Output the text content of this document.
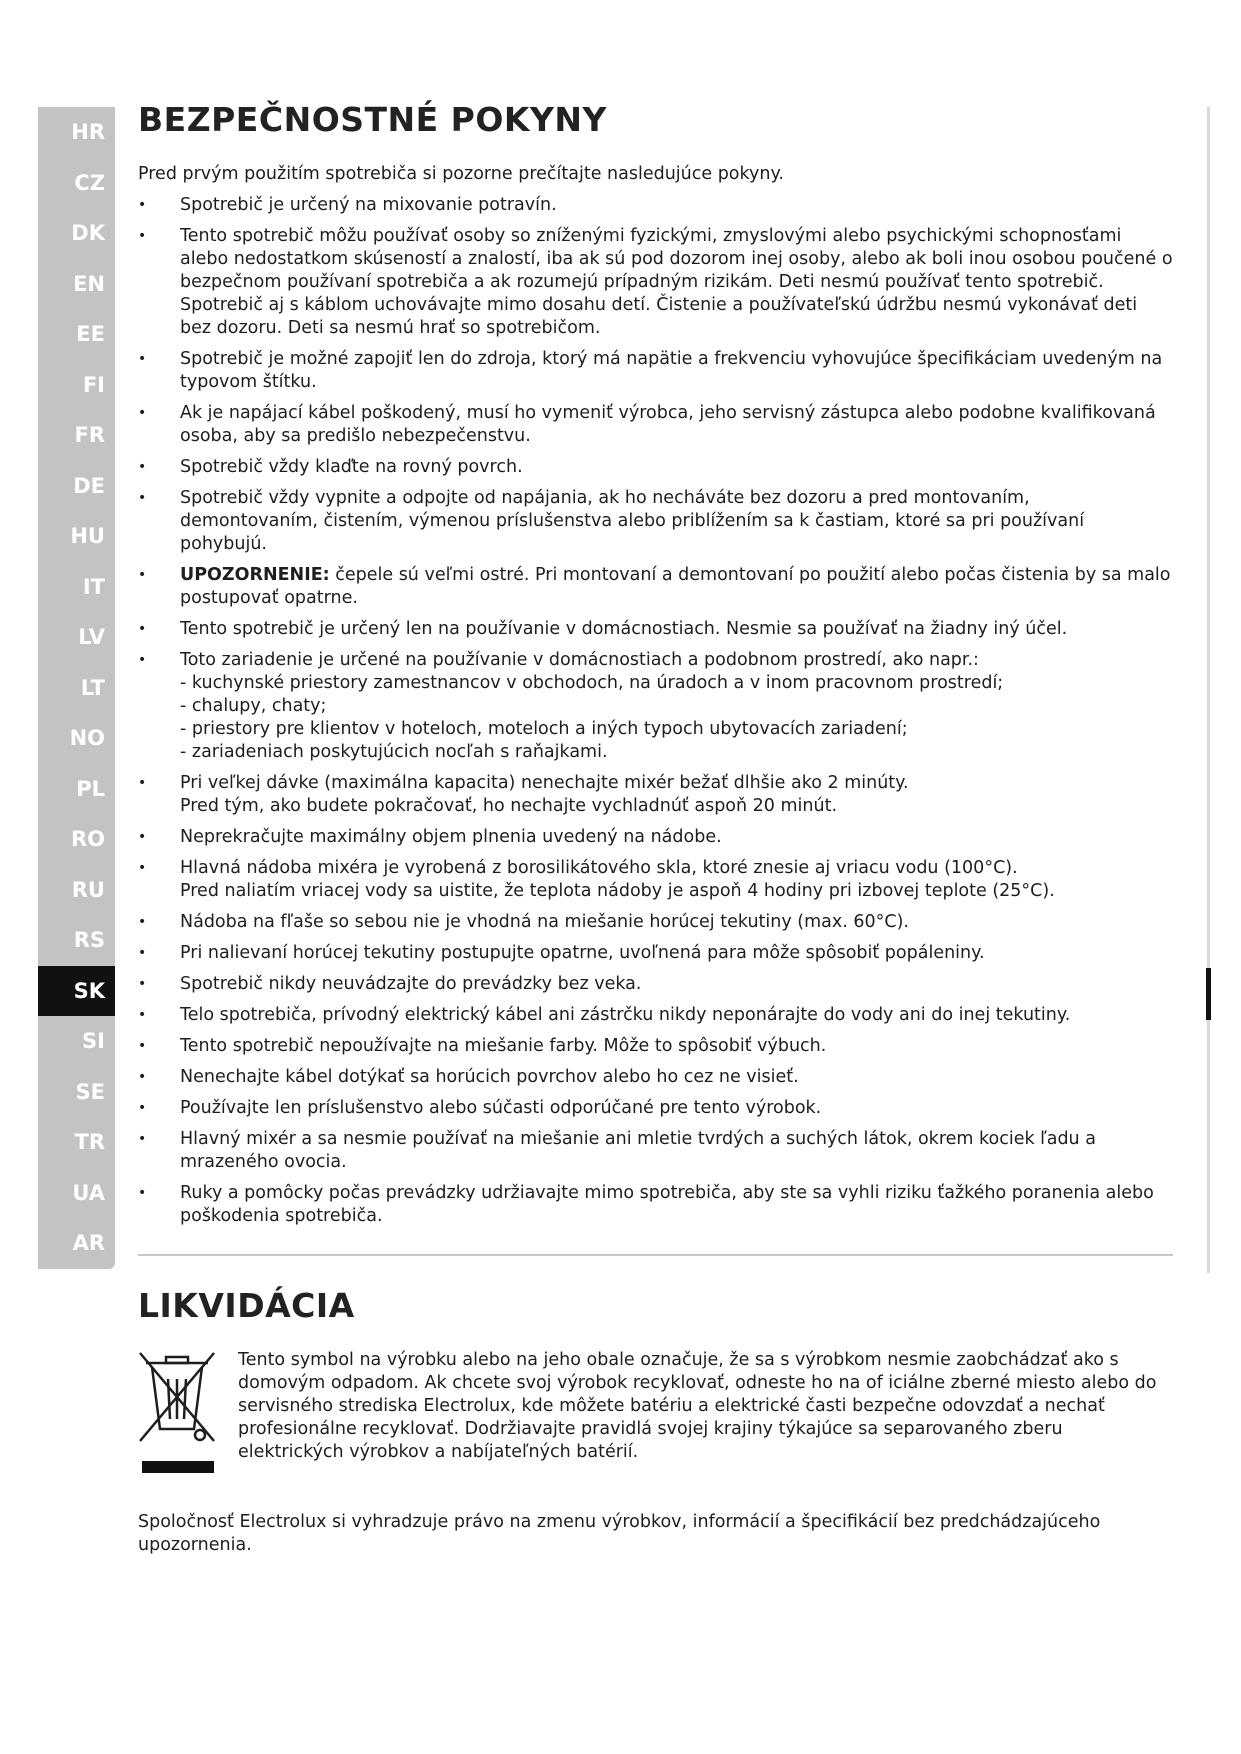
HR
CZ
DK
EN
EE
FI
FR
DE
HU
IT
LV
LT
NO
PL
RO
RU
RS
SK
SI
SE
TR
UA
AR
BEZPEČNOSTNÉ POKYNY
Pred prvým použitím spotrebiča si pozorne prečítajte nasledujúce pokyny.
• Spotrebič je určený na mixovanie potravín.
• Tento spotrebič môžu používať osoby so zníženými fyzickými, zmyslovými alebo psychickými schopnosťami alebo nedostatkom skúseností a znalostí, iba ak sú pod dozorom inej osoby, alebo ak boli inou osobou poučené o bezpečnom používaní spotrebiča a ak rozumejú prípadným rizikám. Deti nesmú používať tento spotrebič. Spotrebič aj s káblom uchovávajte mimo dosahu detí. Čistenie a používateľskú údržbu nesmú vykonávať deti bez dozoru. Deti sa nesmú hrať so spotrebičom.
• Spotrebič je možné zapojiť len do zdroja, ktorý má napätie a frekvenciu vyhovujúce špecifikáciam uvedeným na typovom štítku.
• Ak je napájací kábel poškodený, musí ho vymeniť výrobca, jeho servisný zástupca alebo podobne kvalifikovaná osoba, aby sa predišlo nebezpečenstvu.
• Spotrebič vždy klaďte na rovný povrch.
• Spotrebič vždy vypnite a odpojte od napájania, ak ho necháváte bez dozoru a pred montovaním, demontovaním, čistením, výmenou príslušenstva alebo priblížením sa k častiam, ktoré sa pri používaní pohybujú.
• UPOZORNENIE: čepele sú veľmi ostré. Pri montovaní a demontovaní po použití alebo počas čistenia by sa malo postupovať opatrne.
• Tento spotrebič je určený len na používanie v domácnostiach. Nesmie sa používať na žiadny iný účel.
• Toto zariadenie je určené na používanie v domácnostiach a podobnom prostredí, ako napr.:
- kuchynské priestory zamestnancov v obchodoch, na úradoch a v inom pracovnom prostredí;
- chalupy, chaty;
- priestory pre klientov v hoteloch, moteloch a iných typoch ubytovacích zariadení;
- zariadeniach poskytujúcich nocľah s raňajkami.
• Pri veľkej dávke (maximálna kapacita) nenechajte mixér bežať dlhšie ako 2 minúty.
Pred tým, ako budete pokračovať, ho nechajte vychladnúť aspoň 20 minút.
• Neprekračujte maximálny objem plnenia uvedený na nádobe.
• Hlavná nádoba mixéra je vyrobená z borosilikátového skla, ktoré znesie aj vriacu vodu (100°C).
Pred naliatím vriacej vody sa uistite, že teplota nádoby je aspoň 4 hodiny pri izbovej teplote (25°C).
• Nádoba na fľaše so sebou nie je vhodná na miešanie horúcej tekutiny (max. 60°C).
• Pri nalievaní horúcej tekutiny postupujte opatrne, uvoľnená para môže spôsobiť popáleniny.
• Spotrebič nikdy neuvádzajte do prevádzky bez veka.
• Telo spotrebiča, prívodný elektrický kábel ani zástrčku nikdy neponárajte do vody ani do inej tekutiny.
• Tento spotrebič nepoužívajte na miešanie farby. Môže to spôsobiť výbuch.
• Nenechajte kábel dotýkať sa horúcich povrchov alebo ho cez ne visieť.
• Používajte len príslušenstvo alebo súčasti odporúčané pre tento výrobok.
• Hlavný mixér a sa nesmie používať na miešanie ani mletie tvrdých a suchých látok, okrem kociek ľadu a mrazeného ovocia.
• Ruky a pomôcky počas prevádzky udržiavajte mimo spotrebiča, aby ste sa vyhli riziku ťažkého poranenia alebo poškodenia spotrebiča.
LIKVIDÁCIA
Tento symbol na výrobku alebo na jeho obale označuje, že sa s výrobkom nesmie zaobchádzať ako s domovým odpadom. Ak chcete svoj výrobok recyklovať, odneste ho na of iciálne zberné miesto alebo do servisného strediska Electrolux, kde môžete batériu a elektrické časti bezpečne odovzdať a nechať profesionálne recyklovať. Dodržiavajte pravidlá svojej krajiny týkajúce sa separovaného zberu elektrických výrobkov a nabíjateľných batérií.
Spoločnosť Electrolux si vyhradzuje právo na zmenu výrobkov, informácií a špecifikácií bez predchádzajúceho upozornenia.
